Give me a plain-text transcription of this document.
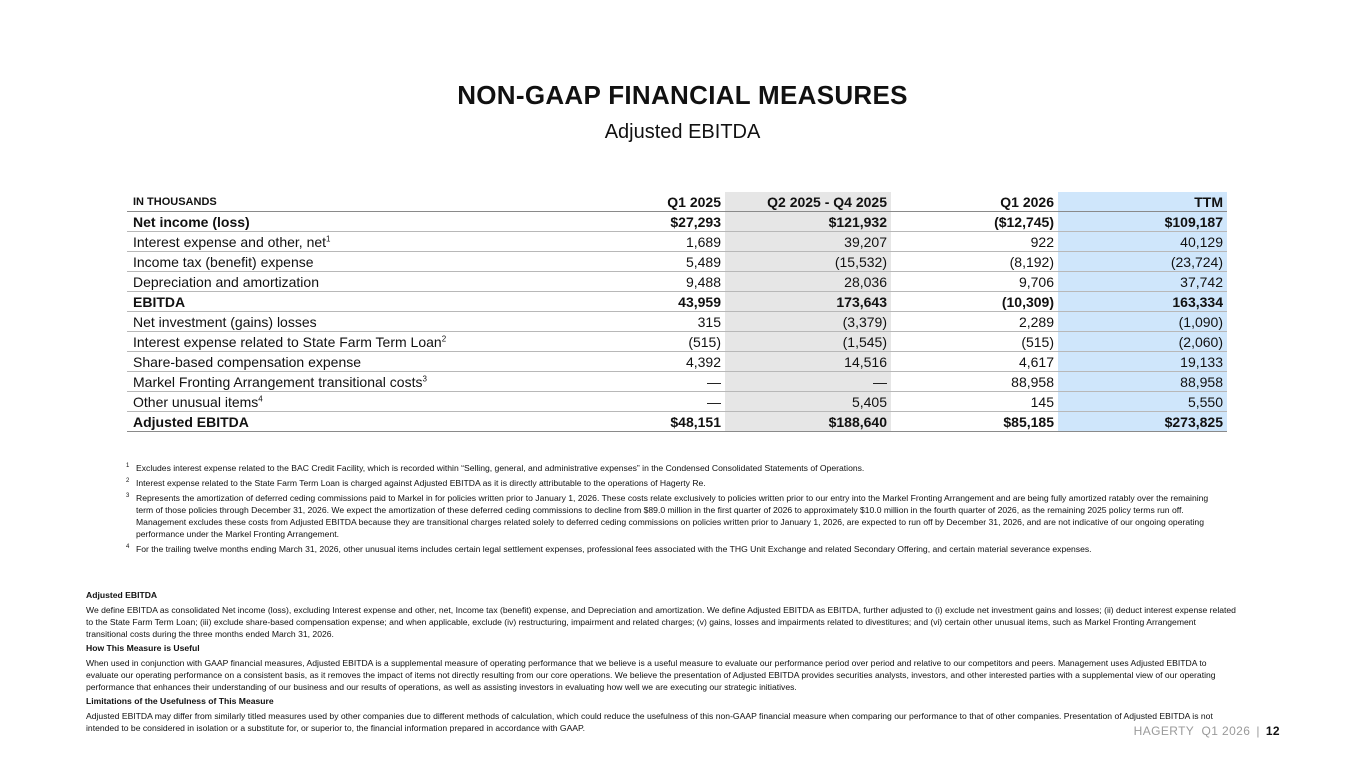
NON-GAAP FINANCIAL MEASURES
Adjusted EBITDA
IN THOUSANDS	Q1 2025	Q2 2025 - Q4 2025	Q1 2026	TTM
Net income (loss)	$27,293	$121,932	($12,745)	$109,187
Interest expense and other, net$^1$	1,689	39,207	922	40,129
Income tax (benefit) expense	5,489	(15,532)	(8,192)	(23,724)
Depreciation and amortization	9,488	28,036	9,706	37,742
EBITDA	43,959	173,643	(10,309)	163,334
Net investment (gains) losses	315	(3,379)	2,289	(1,090)
Interest expense related to State Farm Term Loan$^2$	(515)	(1,545)	(515)	(2,060)
Share-based compensation expense	4,392	14,516	4,617	19,133
Markel Fronting Arrangement transitional costs$^3$	—	—	88,958	88,958
Other unusual items$^4$	—	5,405	145	5,550
Adjusted EBITDA	$48,151	$188,640	$85,185	$273,825
1 Excludes interest expense related to the BAC Credit Facility, which is recorded within “Selling, general, and administrative expenses” in the Condensed Consolidated Statements of Operations.
2 Interest expense related to the State Farm Term Loan is charged against Adjusted EBITDA as it is directly attributable to the operations of Hagerty Re.
3 Represents the amortization of deferred ceding commissions paid to Markel in for policies written prior to January 1, 2026. These costs relate exclusively to policies written prior to our entry into the Markel Fronting Arrangement and are being fully amortized ratably over the remaining term of those policies through December 31, 2026. We expect the amortization of these deferred ceding commissions to decline from $89.0 million in the first quarter of 2026 to approximately $10.0 million in the fourth quarter of 2026, as the remaining 2025 policy terms run off. Management excludes these costs from Adjusted EBITDA because they are transitional charges related solely to deferred ceding commissions on policies written prior to January 1, 2026, are expected to run off by December 31, 2026, and are not indicative of our ongoing operating performance under the Markel Fronting Arrangement.
4 For the trailing twelve months ending March 31, 2026, other unusual items includes certain legal settlement expenses, professional fees associated with the THG Unit Exchange and related Secondary Offering, and certain material severance expenses.
Adjusted EBITDA

We define EBITDA as consolidated Net income (loss), excluding Interest expense and other, net, Income tax (benefit) expense, and Depreciation and amortization. We define Adjusted EBITDA as EBITDA, further adjusted to (i) exclude net investment gains and losses; (ii) deduct interest expense related to the State Farm Term Loan; (iii) exclude share-based compensation expense; and when applicable, exclude (iv) restructuring, impairment and related charges; (v) gains, losses and impairments related to divestitures; and (vi) certain other unusual items, such as Markel Fronting Arrangement transitional costs during the three months ended March 31, 2026.

How This Measure is Useful

When used in conjunction with GAAP financial measures, Adjusted EBITDA is a supplemental measure of operating performance that we believe is a useful measure to evaluate our performance period over period and relative to our competitors and peers. Management uses Adjusted EBITDA to evaluate our operating performance on a consistent basis, as it removes the impact of items not directly resulting from our core operations. We believe the presentation of Adjusted EBITDA provides securities analysts, investors, and other interested parties with a supplemental view of our operating performance that enhances their understanding of our business and our results of operations, as well as assisting investors in evaluating how well we are executing our strategic initiatives.

Limitations of the Usefulness of This Measure

Adjusted EBITDA may differ from similarly titled measures used by other companies due to different methods of calculation, which could reduce the usefulness of this non-GAAP financial measure when comparing our performance to that of other companies. Presentation of Adjusted EBITDA is not intended to be considered in isolation or a substitute for, or superior to, the financial information prepared in accordance with GAAP.	HAGERTY  Q1 2026 | 12
